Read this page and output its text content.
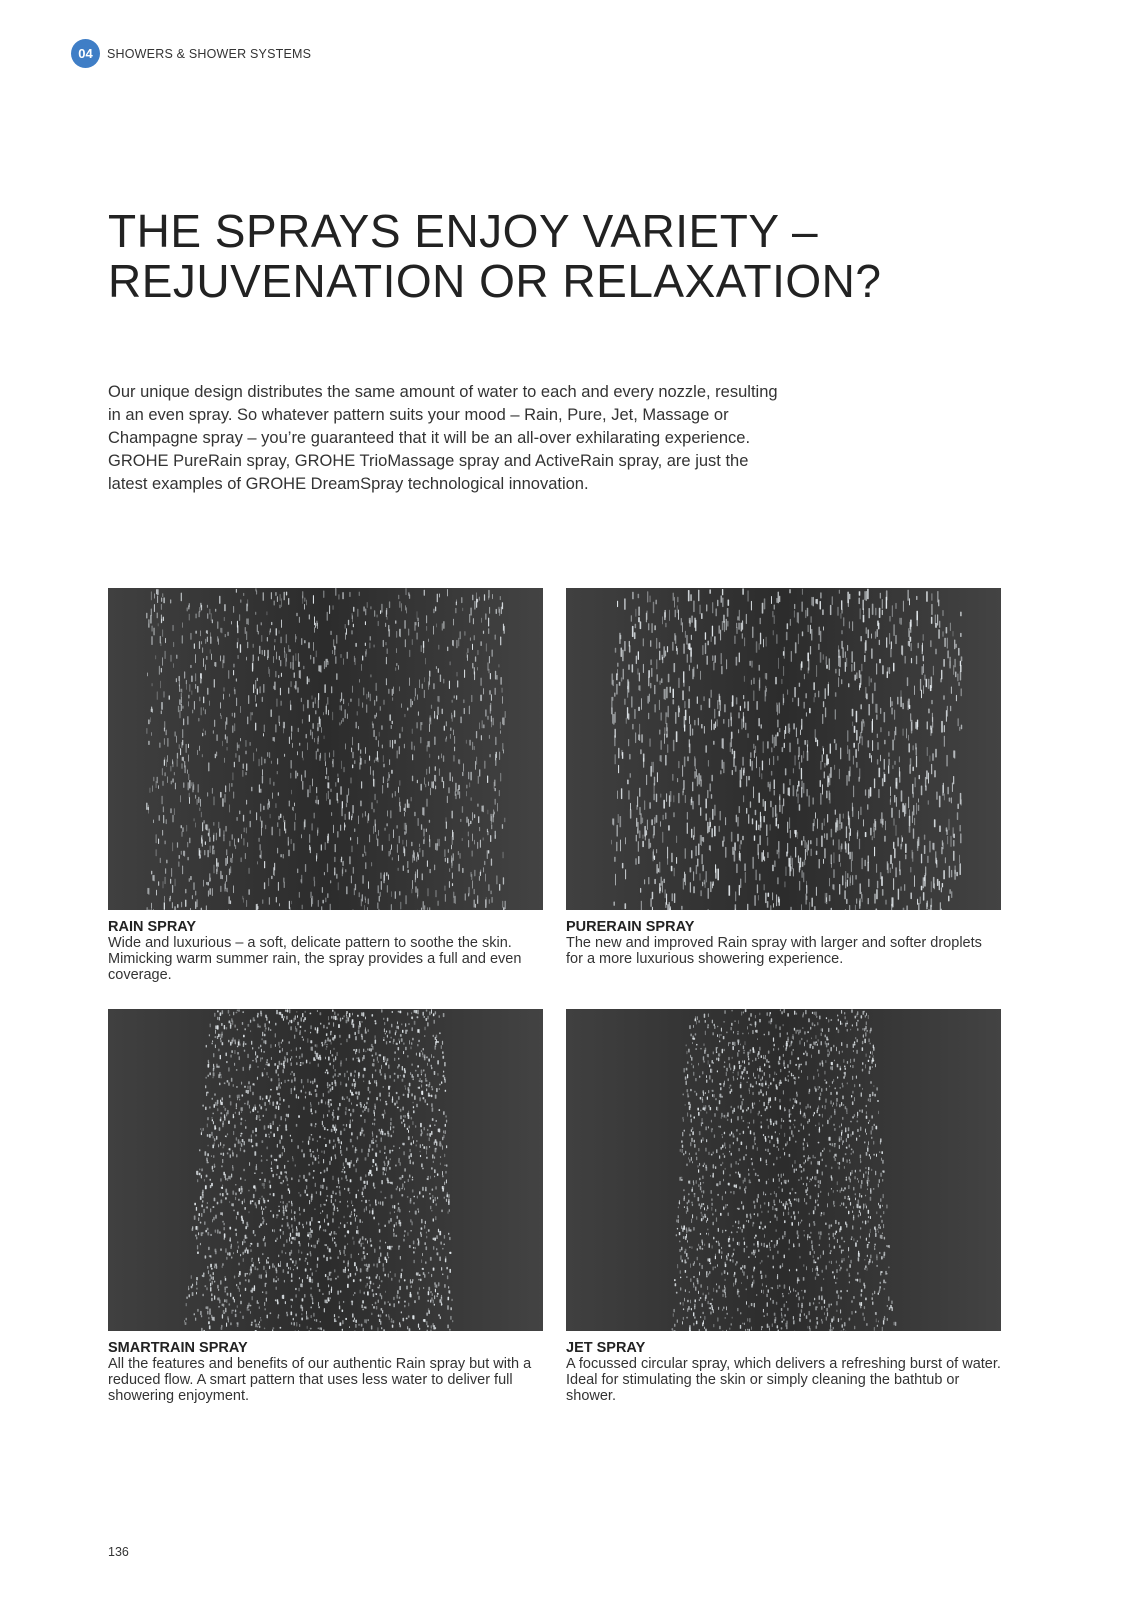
04	SHOWERS & SHOWER SYSTEMS
THE SPRAYS ENJOY VARIETY –
REJUVENATION OR RELAXATION?

Our unique design distributes the same amount of water to each and every nozzle, resulting in an even spray. So whatever pattern suits your mood – Rain, Pure, Jet, Massage or Champagne spray – you’re guaranteed that it will be an all-over exhilarating experience. GROHE PureRain spray, GROHE TrioMassage spray and ActiveRain spray, are just the latest examples of GROHE DreamSpray technological innovation.

RAIN SPRAY

Wide and luxurious – a soft, delicate pattern to soothe the skin. Mimicking warm summer rain, the spray provides a full and even coverage.

PURERAIN SPRAY

The new and improved Rain spray with larger and softer droplets for a more luxurious showering experience.

SMARTRAIN SPRAY

All the features and benefits of our authentic Rain spray but with a reduced flow. A smart pattern that uses less water to deliver full showering enjoyment.

JET SPRAY

A focussed circular spray, which delivers a refreshing burst of water. Ideal for stimulating the skin or simply cleaning the bathtub or shower.

136
